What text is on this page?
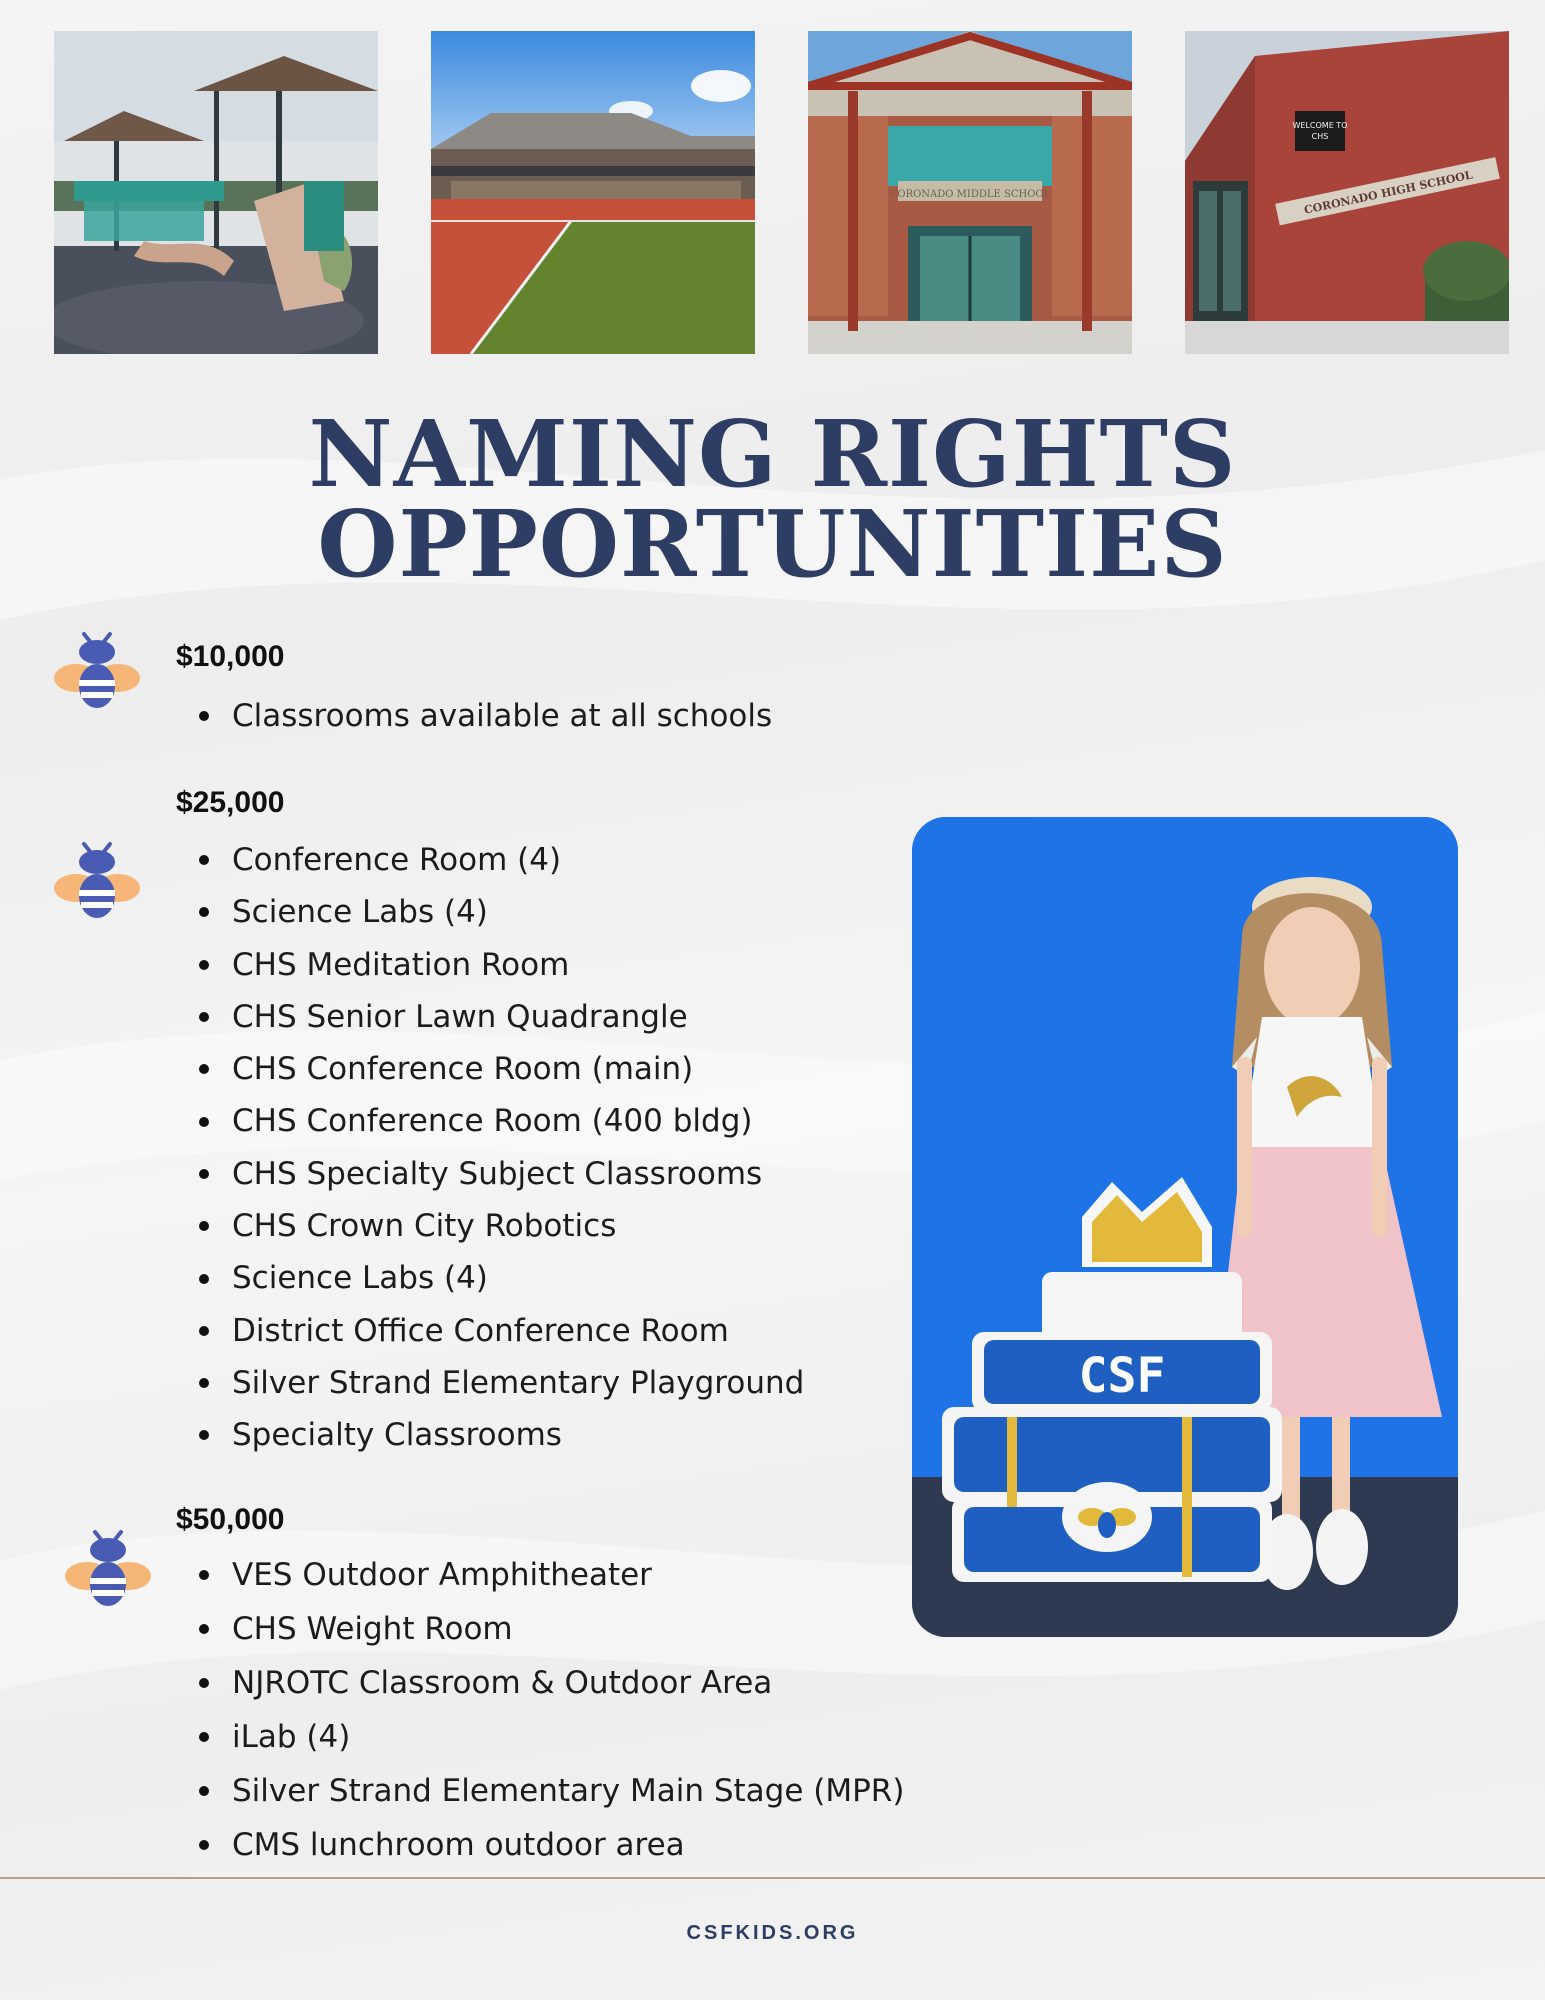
CORONADO MIDDLE SCHOOL
WELCOME TO
CHS
CORONADO HIGH SCHOOL
NAMING RIGHTS
OPPORTUNITIES
$10,000
Classrooms available at all schools
$25,000
Conference Room (4)
Science Labs (4)
CHS Meditation Room
CHS Senior Lawn Quadrangle
CHS Conference Room (main)
CHS Conference Room (400 bldg)
CHS Specialty Subject Classrooms
CHS Crown City Robotics
Science Labs (4)
District Office Conference Room
Silver Strand Elementary Playground
Specialty Classrooms
$50,000
VES Outdoor Amphitheater
CHS Weight Room
NJROTC Classroom & Outdoor Area
iLab (4)
Silver Strand Elementary Main Stage (MPR)
CMS lunchroom outdoor area
CSF
CSFKIDS.ORG
